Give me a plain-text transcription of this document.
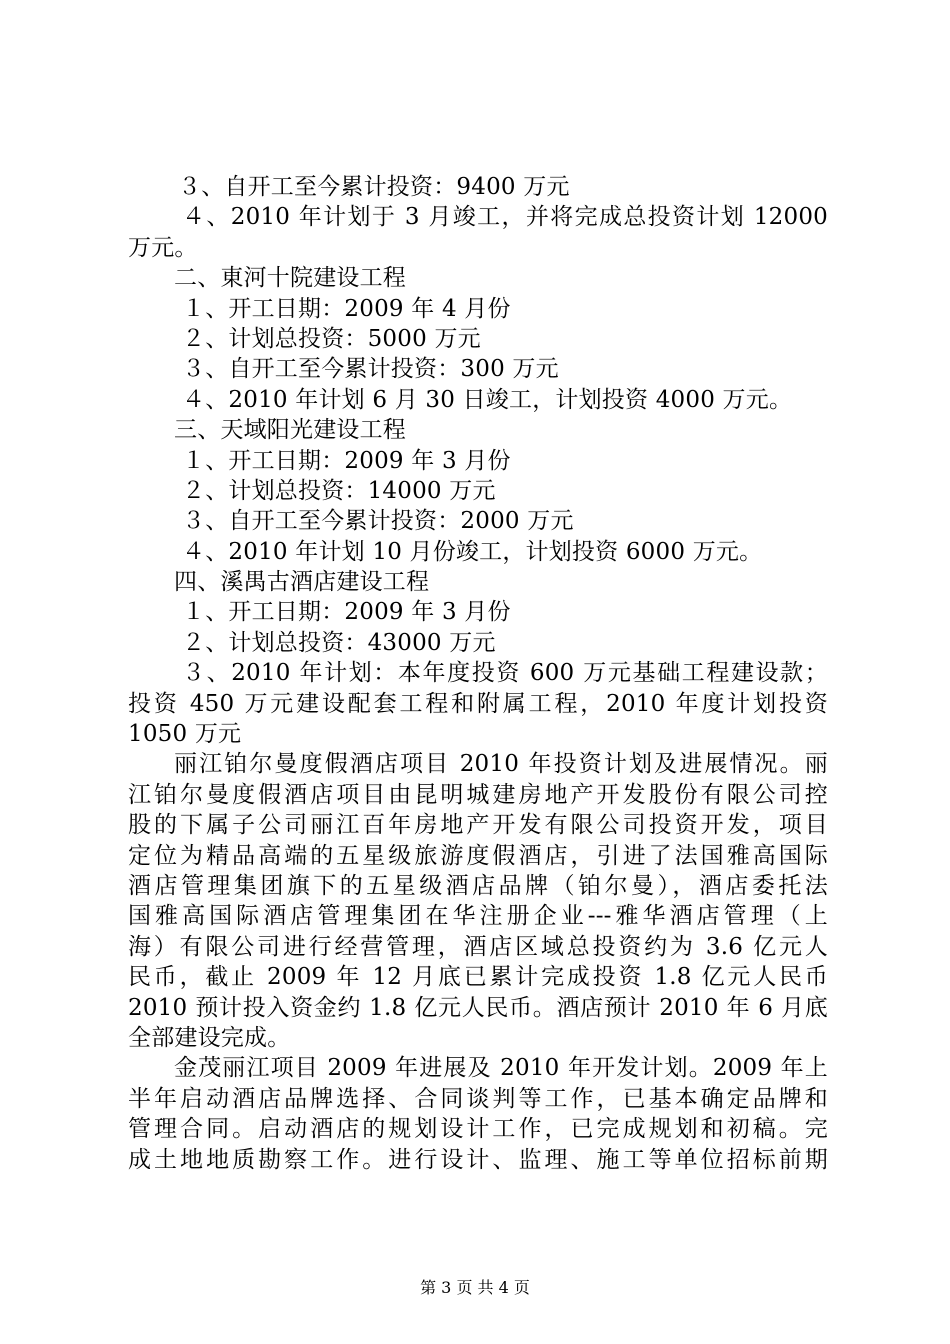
３、自开工至今累计投资：9400 万元
４、2010 年计划于 3 月竣工，并将完成总投资计划 12000
万元。
二、東河十院建设工程
１、开工日期：2009 年 4 月份
２、计划总投资：5000 万元
３、自开工至今累计投资：300 万元
４、2010 年计划 6 月 30 日竣工，计划投资 4000 万元。
三、天域阳光建设工程
１、开工日期：2009 年 3 月份
２、计划总投资：14000 万元
３、自开工至今累计投资：2000 万元
４、2010 年计划 10 月份竣工，计划投资 6000 万元。
四、溪禺古酒店建设工程
１、开工日期：2009 年 3 月份
２、计划总投资：43000 万元
３、2010 年计划：本年度投资 600 万元基础工程建设款；
投资 450 万元建设配套工程和附属工程，2010 年度计划投资
1050 万元
丽江铂尔曼度假酒店项目 2010 年投资计划及进展情况。丽
江铂尔曼度假酒店项目由昆明城建房地产开发股份有限公司控
股的下属子公司丽江百年房地产开发有限公司投资开发，项目
定位为精品高端的五星级旅游度假酒店，引进了法国雅高国际
酒店管理集团旗下的五星级酒店品牌（铂尔曼），酒店委托法
国雅高国际酒店管理集团在华注册企业---雅华酒店管理（上
海）有限公司进行经营管理，酒店区域总投资约为 3.6 亿元人
民币，截止 2009 年 12 月底已累计完成投资 1.8 亿元人民币
2010 预计投入资金约 1.8 亿元人民币。酒店预计 2010 年 6 月底
全部建设完成。
金茂丽江项目 2009 年进展及 2010 年开发计划。2009 年上
半年启动酒店品牌选择、合同谈判等工作，已基本确定品牌和
管理合同。启动酒店的规划设计工作，已完成规划和初稿。完
成土地地质勘察工作。进行设计、监理、施工等单位招标前期
第 3 页 共 4 页
